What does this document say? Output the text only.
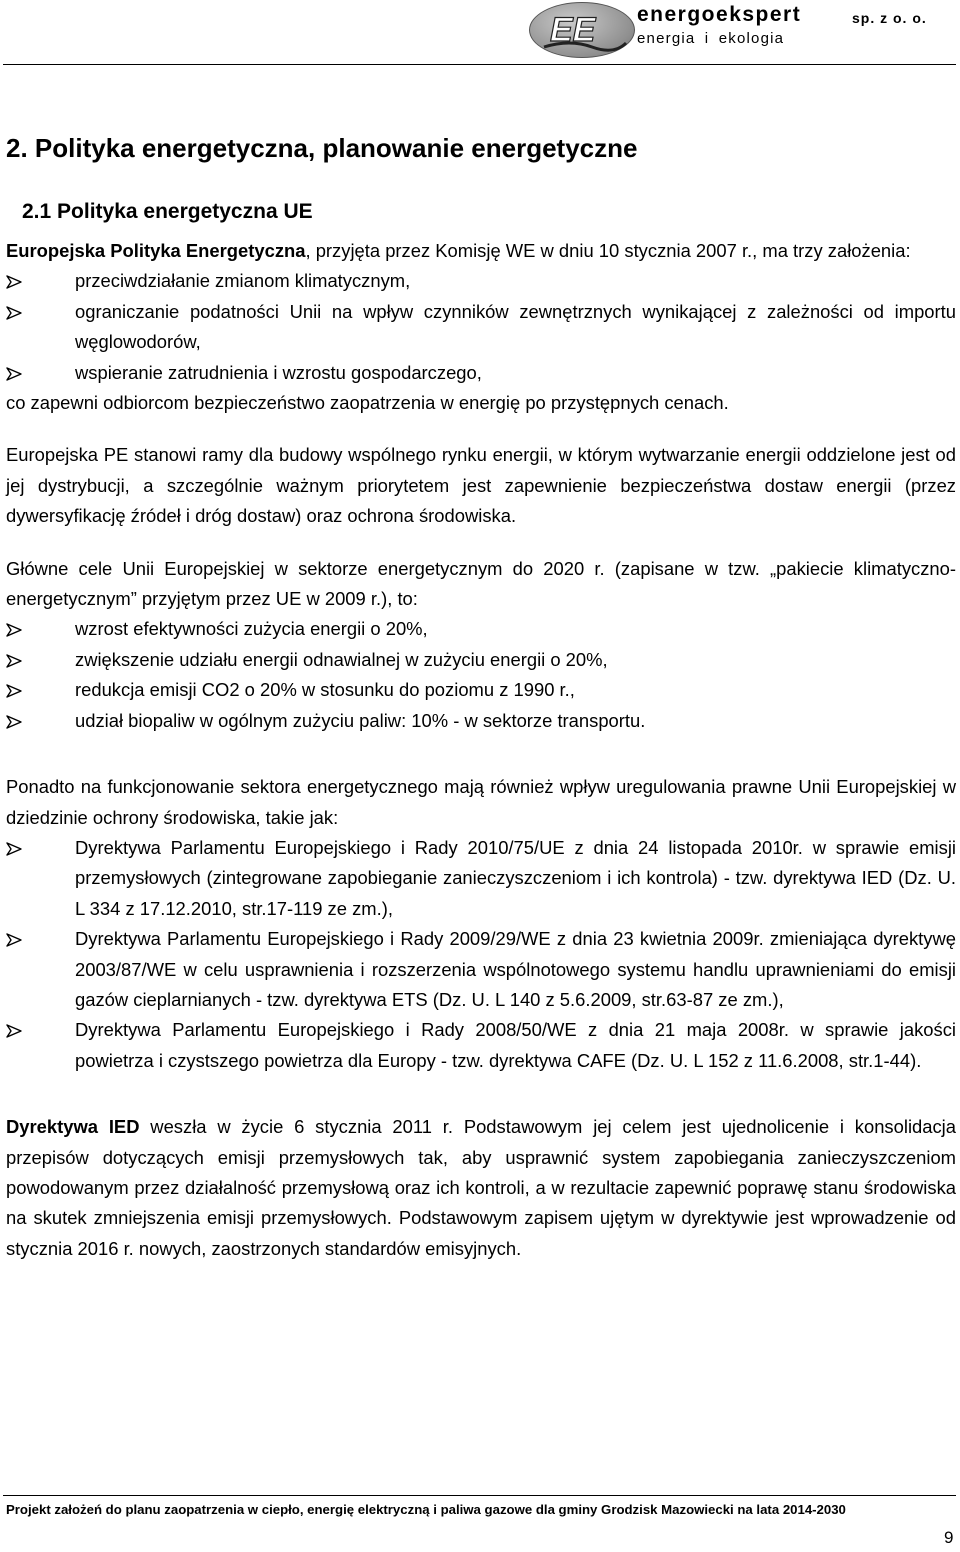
EE energoekspert
energia i ekologia
sp. z o. o.
2. Polityka energetyczna, planowanie energetyczne
2.1 Polityka energetyczna UE

Europejska Polityka Energetyczna, przyjęta przez Komisję WE w dniu 10 stycznia 2007 r., ma trzy założenia:

przeciwdziałanie zmianom klimatycznym,
ograniczanie podatności Unii na wpływ czynników zewnętrznych wynikającej z zależności od importu węglowodorów,
wspieranie zatrudnienia i wzrostu gospodarczego,

co zapewni odbiorcom bezpieczeństwo zaopatrzenia w energię po przystępnych cenach.

Europejska PE stanowi ramy dla budowy wspólnego rynku energii, w którym wytwarzanie energii oddzielone jest od jej dystrybucji, a szczególnie ważnym priorytetem jest zapewnienie bezpieczeństwa dostaw energii (przez dywersyfikację źródeł i dróg dostaw) oraz ochrona środowiska.

Główne cele Unii Europejskiej w sektorze energetycznym do 2020 r. (zapisane w tzw. „pakiecie klimatyczno-energetycznym” przyjętym przez UE w 2009 r.), to:

wzrost efektywności zużycia energii o 20%,
zwiększenie udziału energii odnawialnej w zużyciu energii o 20%,
redukcja emisji CO2 o 20% w stosunku do poziomu z 1990 r.,
udział biopaliw w ogólnym zużyciu paliw: 10% - w sektorze transportu.

Ponadto na funkcjonowanie sektora energetycznego mają również wpływ uregulowania prawne Unii Europejskiej w dziedzinie ochrony środowiska, takie jak:

Dyrektywa Parlamentu Europejskiego i Rady 2010/75/UE z dnia 24 listopada 2010r. w sprawie emisji przemysłowych (zintegrowane zapobieganie zanieczyszczeniom i ich kontrola) - tzw. dyrektywa IED (Dz. U. L 334 z 17.12.2010, str.17-119 ze zm.),
Dyrektywa Parlamentu Europejskiego i Rady 2009/29/WE z dnia 23 kwietnia 2009r. zmieniająca dyrektywę 2003/87/WE w celu usprawnienia i rozszerzenia wspólnotowego systemu handlu uprawnieniami do emisji gazów cieplarnianych - tzw. dyrektywa ETS (Dz. U. L 140 z 5.6.2009, str.63-87 ze zm.),
Dyrektywa Parlamentu Europejskiego i Rady 2008/50/WE z dnia 21 maja 2008r. w sprawie jakości powietrza i czystszego powietrza dla Europy - tzw. dyrektywa CAFE (Dz. U. L 152 z 11.6.2008, str.1-44).

Dyrektywa IED weszła w życie 6 stycznia 2011 r. Podstawowym jej celem jest ujednolicenie i konsolidacja przepisów dotyczących emisji przemysłowych tak, aby usprawnić system zapobiegania zanieczyszczeniom powodowanym przez działalność przemysłową oraz ich kontroli, a w rezultacie zapewnić poprawę stanu środowiska na skutek zmniejszenia emisji przemysłowych. Podstawowym zapisem ujętym w dyrektywie jest wprowadzenie od stycznia 2016 r. nowych, zaostrzonych standardów emisyjnych.

Projekt założeń do planu zaopatrzenia w ciepło, energię elektryczną i paliwa gazowe dla gminy Grodzisk Mazowiecki na lata 2014-2030
9
